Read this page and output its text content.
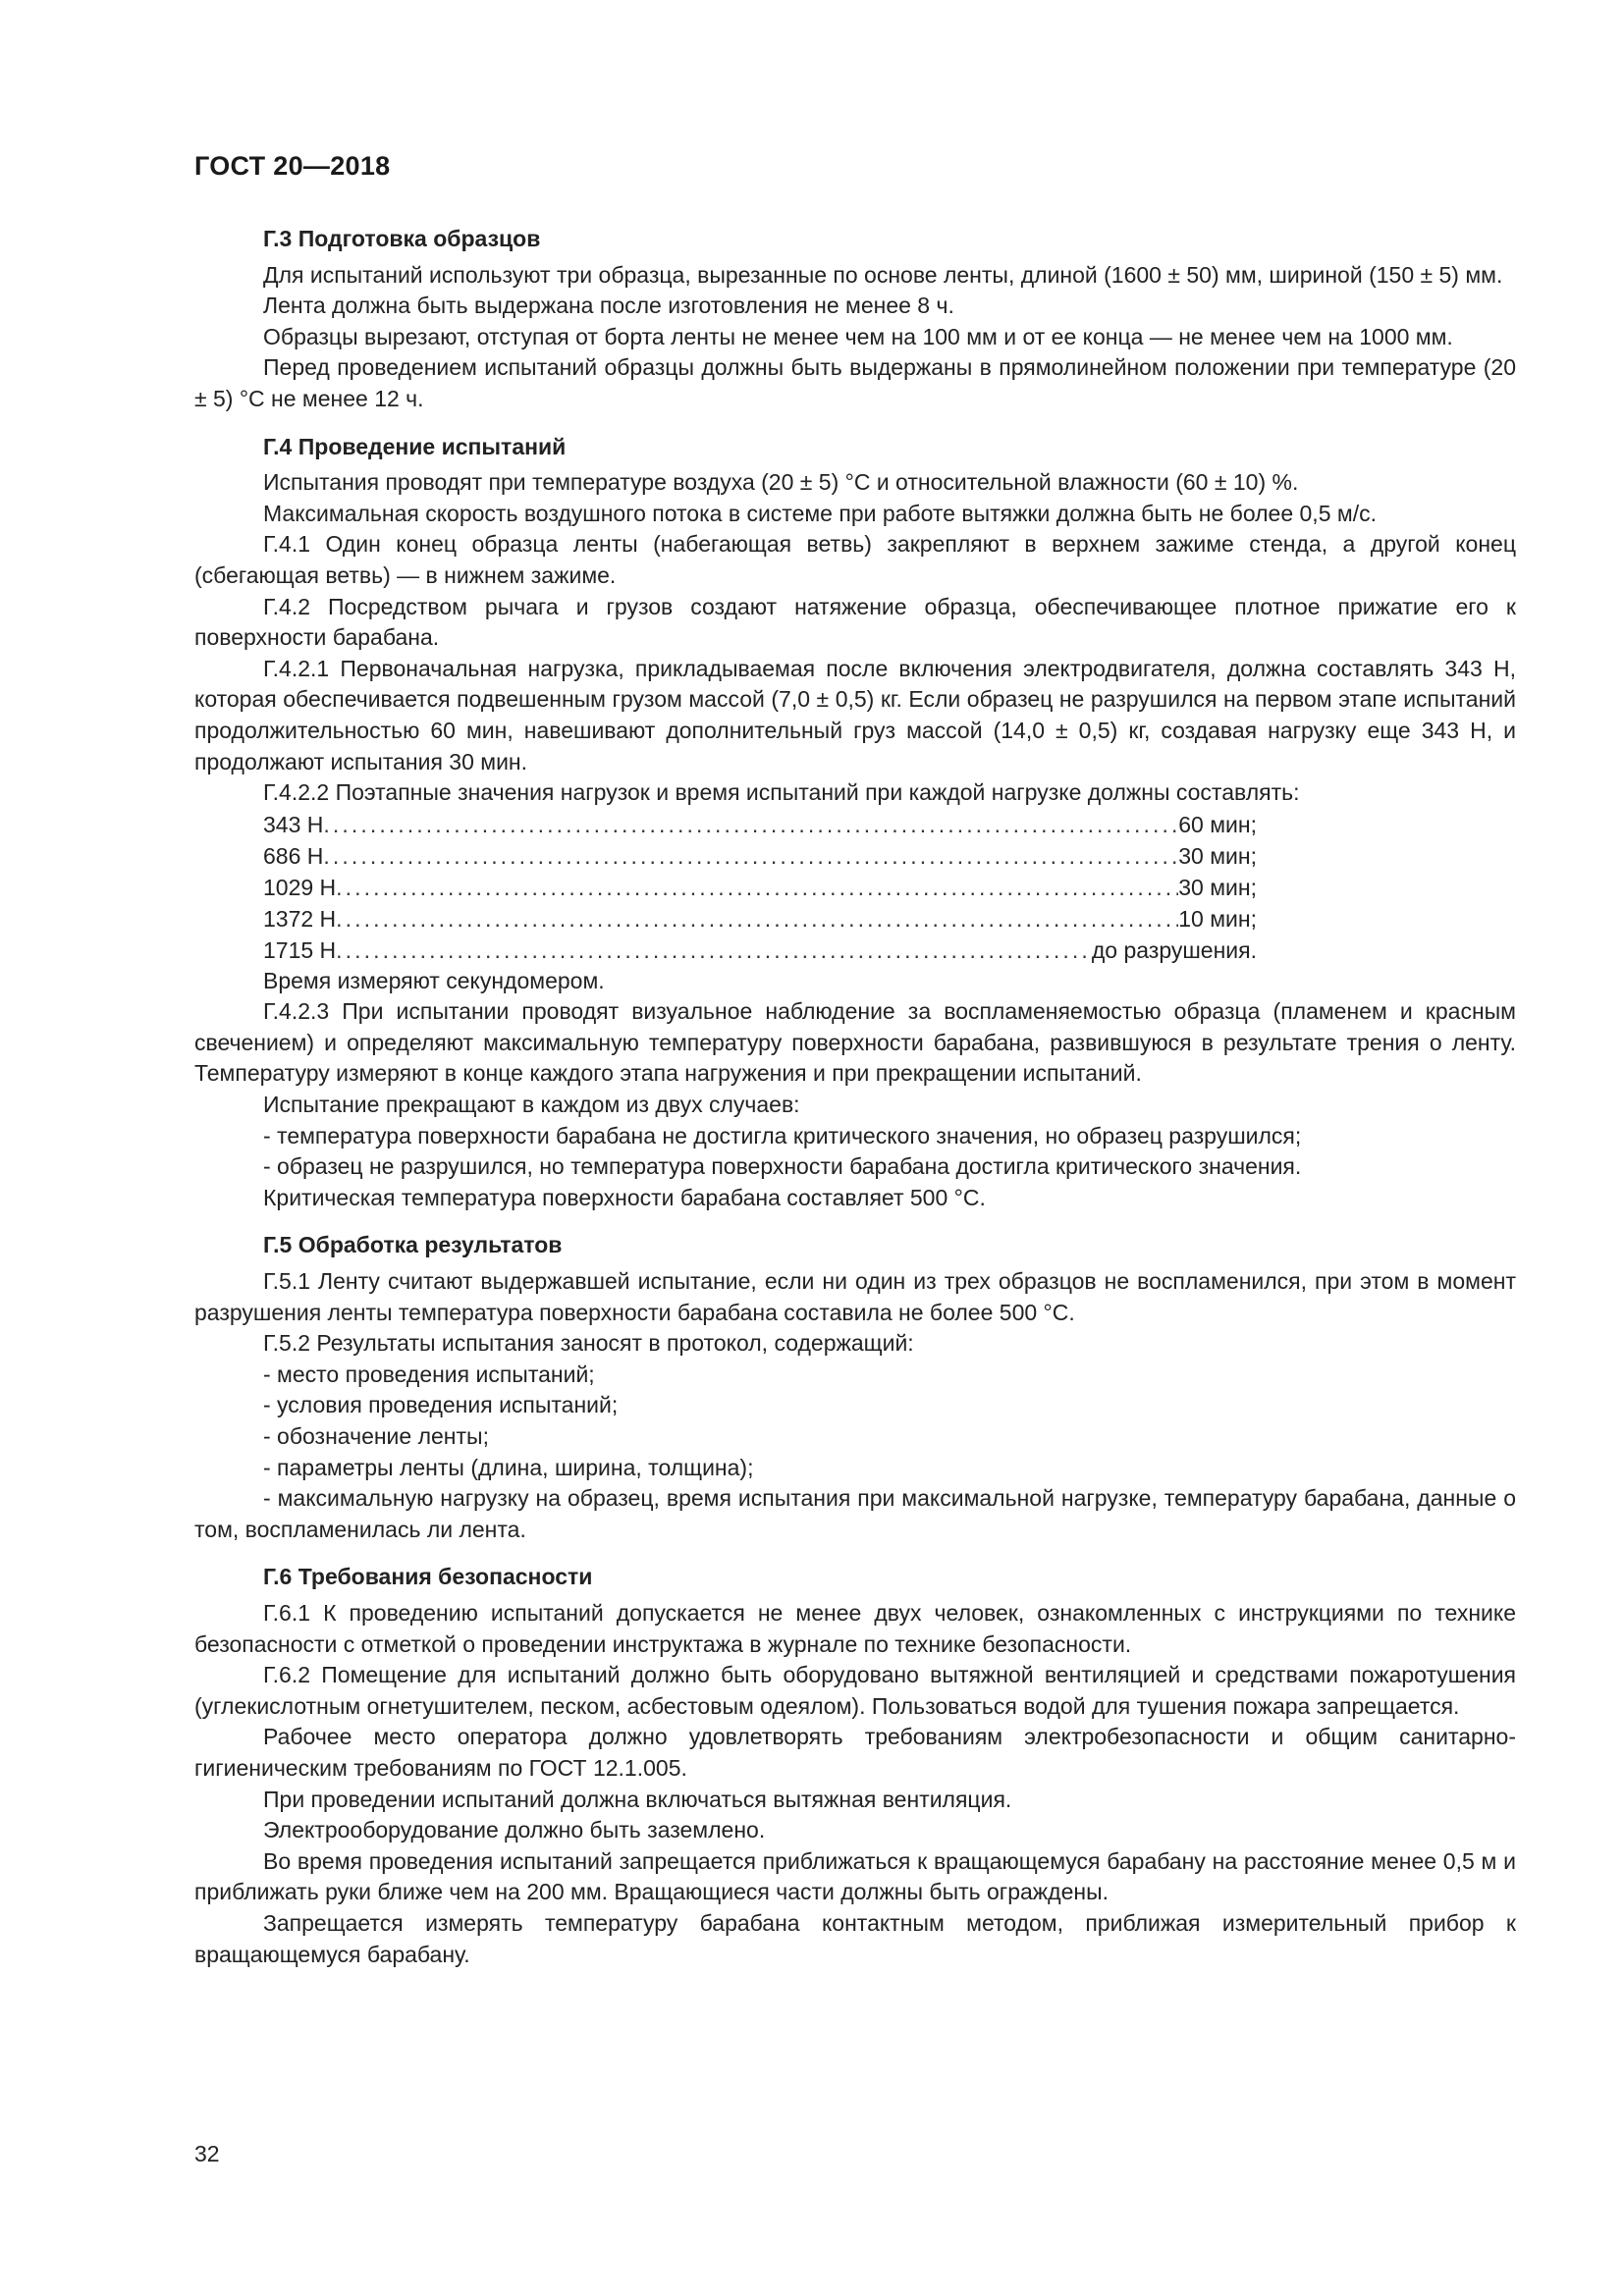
ГОСТ 20—2018
Г.3 Подготовка образцов

Для испытаний используют три образца, вырезанные по основе ленты, длиной (1600 ± 50) мм, шириной (150 ± 5) мм.

Лента должна быть выдержана после изготовления не менее 8 ч.

Образцы вырезают, отступая от борта ленты не менее чем на 100 мм и от ее конца — не менее чем на 1000 мм.

Перед проведением испытаний образцы должны быть выдержаны в прямолинейном положении при температуре (20 ± 5) °С не менее 12 ч.

Г.4 Проведение испытаний

Испытания проводят при температуре воздуха (20 ± 5) °С и относительной влажности (60 ± 10) %.

Максимальная скорость воздушного потока в системе при работе вытяжки должна быть не более 0,5 м/с.

Г.4.1 Один конец образца ленты (набегающая ветвь) закрепляют в верхнем зажиме стенда, а другой конец (сбегающая ветвь) — в нижнем зажиме.

Г.4.2 Посредством рычага и грузов создают натяжение образца, обеспечивающее плотное прижатие его к поверхности барабана.

Г.4.2.1 Первоначальная нагрузка, прикладываемая после включения электродвигателя, должна составлять 343 Н, которая обеспечивается подвешенным грузом массой (7,0 ± 0,5) кг. Если образец не разрушился на первом этапе испытаний продолжительностью 60 мин, навешивают дополнительный груз массой (14,0 ± 0,5) кг, создавая нагрузку еще 343 Н, и продолжают испытания 30 мин.

Г.4.2.2 Поэтапные значения нагрузок и время испытаний при каждой нагрузке должны составлять:

343 Н .....	60 мин;
686 Н .....	30 мин;
1029 Н .....	30 мин;
1372 Н .....	10 мин;
1715 Н .....	до разрушения.

Время измеряют секундомером.

Г.4.2.3 При испытании проводят визуальное наблюдение за воспламеняемостью образца (пламенем и красным свечением) и определяют максимальную температуру поверхности барабана, развившуюся в результате трения о ленту. Температуру измеряют в конце каждого этапа нагружения и при прекращении испытаний.

Испытание прекращают в каждом из двух случаев:

- температура поверхности барабана не достигла критического значения, но образец разрушился;

- образец не разрушился, но температура поверхности барабана достигла критического значения.

Критическая температура поверхности барабана составляет 500 °С.

Г.5 Обработка результатов

Г.5.1 Ленту считают выдержавшей испытание, если ни один из трех образцов не воспламенился, при этом в момент разрушения ленты температура поверхности барабана составила не более 500 °С.

Г.5.2 Результаты испытания заносят в протокол, содержащий:

- место проведения испытаний;

- условия проведения испытаний;

- обозначение ленты;

- параметры ленты (длина, ширина, толщина);

- максимальную нагрузку на образец, время испытания при максимальной нагрузке, температуру барабана, данные о том, воспламенилась ли лента.

Г.6 Требования безопасности

Г.6.1 К проведению испытаний допускается не менее двух человек, ознакомленных с инструкциями по технике безопасности с отметкой о проведении инструктажа в журнале по технике безопасности.

Г.6.2 Помещение для испытаний должно быть оборудовано вытяжной вентиляцией и средствами пожаротушения (углекислотным огнетушителем, песком, асбестовым одеялом). Пользоваться водой для тушения пожара запрещается.

Рабочее место оператора должно удовлетворять требованиям электробезопасности и общим санитарно-гигиеническим требованиям по ГОСТ 12.1.005.

При проведении испытаний должна включаться вытяжная вентиляция.

Электрооборудование должно быть заземлено.

Во время проведения испытаний запрещается приближаться к вращающемуся барабану на расстояние менее 0,5 м и приближать руки ближе чем на 200 мм. Вращающиеся части должны быть ограждены.

Запрещается измерять температуру барабана контактным методом, приближая измерительный прибор к вращающемуся барабану.

32
